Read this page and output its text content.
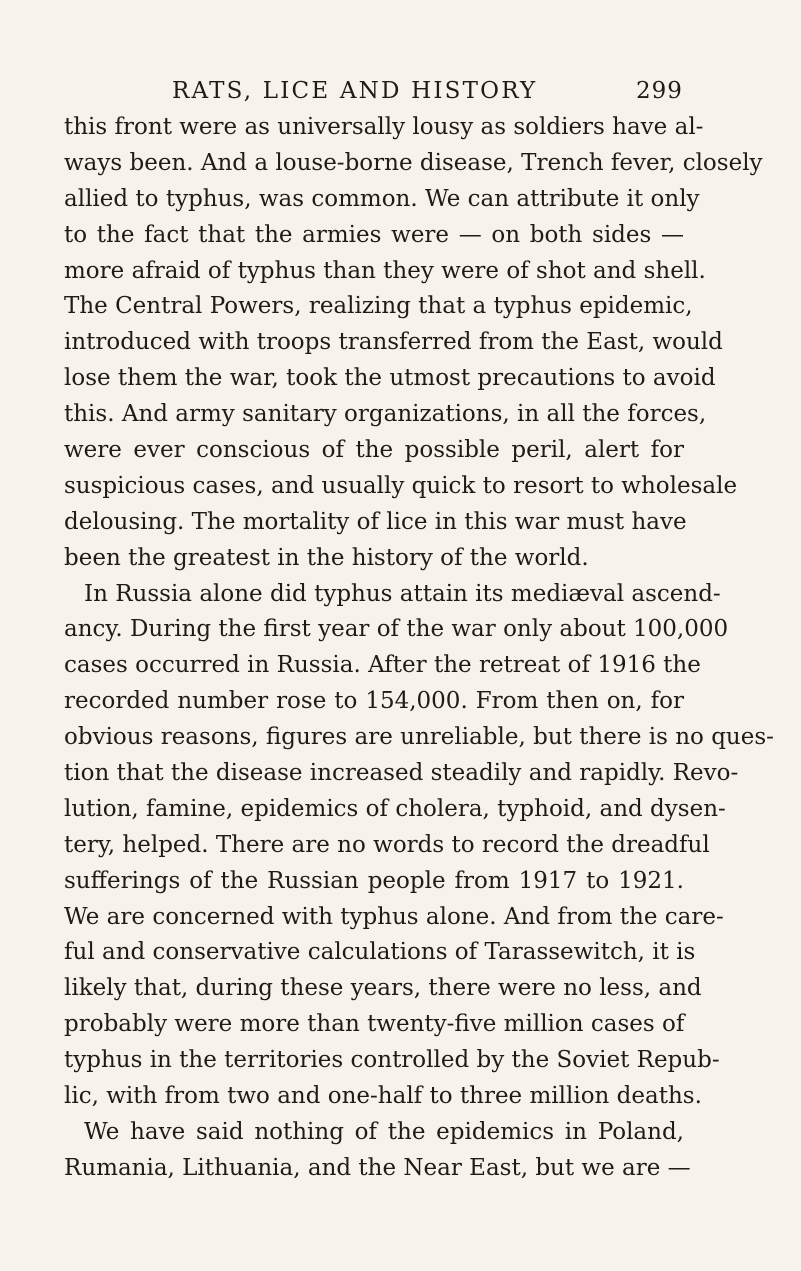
RATS, LICE AND HISTORY	299
this front were as universally lousy as soldiers have al-
ways been. And a louse-borne disease, Trench fever, closely
allied to typhus, was common. We can attribute it only
to the fact that the armies were — on both sides —
more afraid of typhus than they were of shot and shell.
The Central Powers, realizing that a typhus epidemic,
introduced with troops transferred from the East, would
lose them the war, took the utmost precautions to avoid
this. And army sanitary organizations, in all the forces,
were ever conscious of the possible peril, alert for
suspicious cases, and usually quick to resort to wholesale
delousing. The mortality of lice in this war must have
been the greatest in the history of the world.
In Russia alone did typhus attain its mediæval ascend-
ancy. During the first year of the war only about 100,000
cases occurred in Russia. After the retreat of 1916 the
recorded number rose to 154,000. From then on, for
obvious reasons, figures are unreliable, but there is no ques-
tion that the disease increased steadily and rapidly. Revo-
lution, famine, epidemics of cholera, typhoid, and dysen-
tery, helped. There are no words to record the dreadful
sufferings of the Russian people from 1917 to 1921.
We are concerned with typhus alone. And from the care-
ful and conservative calculations of Tarassewitch, it is
likely that, during these years, there were no less, and
probably were more than twenty-five million cases of
typhus in the territories controlled by the Soviet Repub-
lic, with from two and one-half to three million deaths.
We have said nothing of the epidemics in Poland,
Rumania, Lithuania, and the Near East, but we are —
